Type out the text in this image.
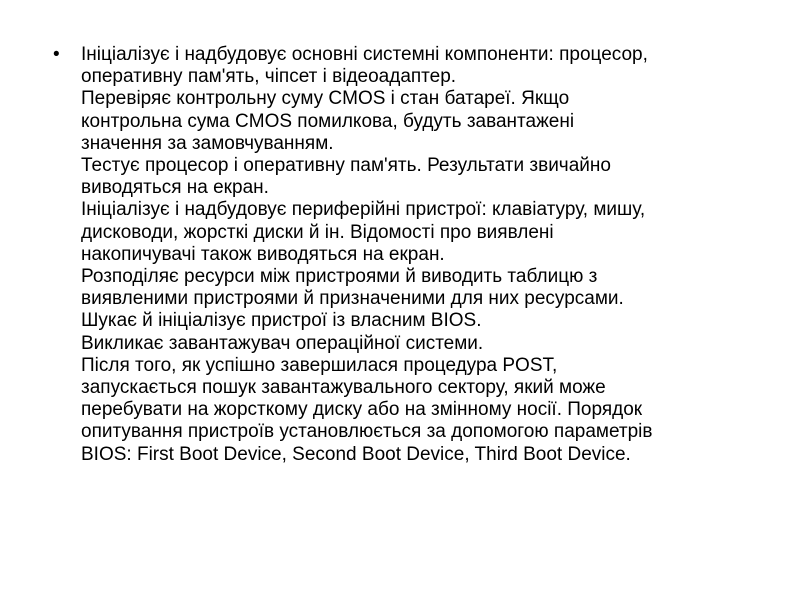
•	Ініціалізує і надбудовує основні системні компоненти: процесор,
оперативну пам'ять, чіпсет і відеоадаптер.
Перевіряє контрольну суму CMOS і стан батареї. Якщо
контрольна сума CMOS помилкова, будуть завантажені
значення за замовчуванням.
Тестує процесор і оперативну пам'ять. Результати звичайно
виводяться на екран.
Ініціалізує і надбудовує периферійні пристрої: клавіатуру, мишу,
дисководи, жорсткі диски й ін. Відомості про виявлені
накопичувачі також виводяться на екран.
Розподіляє ресурси між пристроями й виводить таблицю з
виявленими пристроями й призначеними для них ресурсами.
Шукає й ініціалізує пристрої із власним BIOS.
Викликає завантажувач операційної системи.
Після того, як успішно завершилася процедура POST,
запускається пошук завантажувального сектору, який може
перебувати на жорсткому диску або на змінному носії. Порядок
опитування пристроїв установлюється за допомогою параметрів
BIOS: First Boot Device, Second Boot Device, Third Boot Device.
